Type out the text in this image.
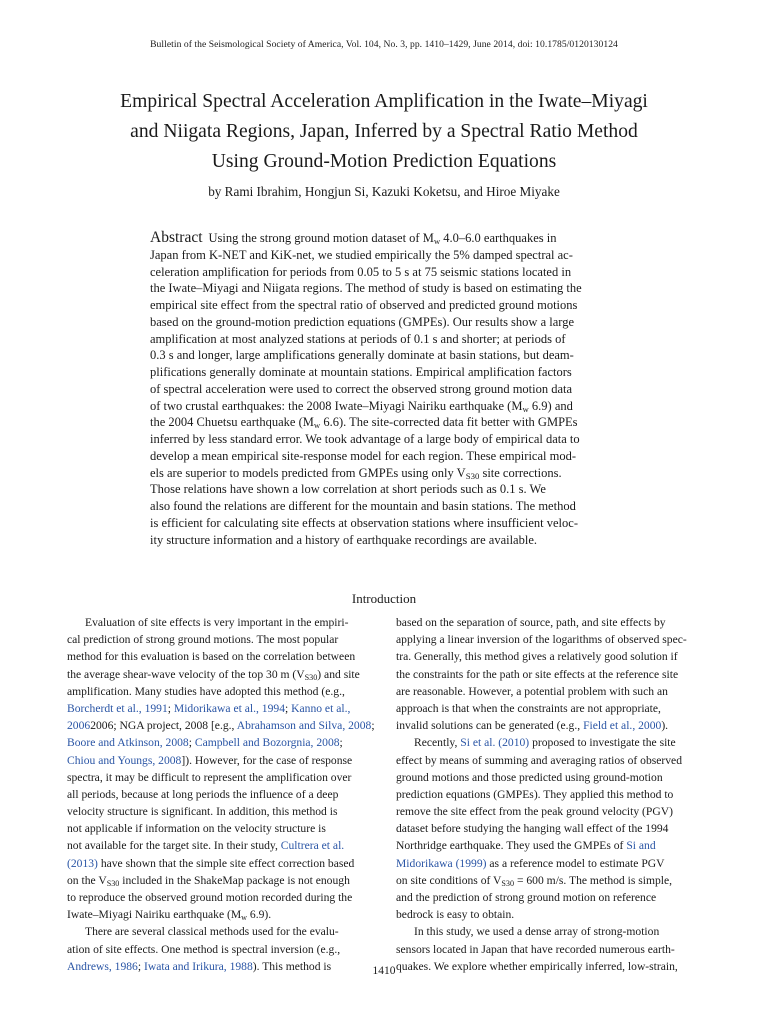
Bulletin of the Seismological Society of America, Vol. 104, No. 3, pp. 1410–1429, June 2014, doi: 10.1785/0120130124
Empirical Spectral Acceleration Amplification in the Iwate–Miyagi
and Niigata Regions, Japan, Inferred by a Spectral Ratio Method
Using Ground-Motion Prediction Equations
by Rami Ibrahim, Hongjun Si, Kazuki Koketsu, and Hiroe Miyake
Abstract Using the strong ground motion dataset of $M_w$ 4.0–6.0 earthquakes in
Japan from K-NET and KiK-net, we studied empirically the 5% damped spectral ac-
celeration amplification for periods from 0.05 to 5 s at 75 seismic stations located in
the Iwate–Miyagi and Niigata regions. The method of study is based on estimating the
empirical site effect from the spectral ratio of observed and predicted ground motions
based on the ground-motion prediction equations (GMPEs). Our results show a large
amplification at most analyzed stations at periods of 0.1 s and shorter; at periods of
0.3 s and longer, large amplifications generally dominate at basin stations, but deam-
plifications generally dominate at mountain stations. Empirical amplification factors
of spectral acceleration were used to correct the observed strong ground motion data
of two crustal earthquakes: the 2008 Iwate–Miyagi Nairiku earthquake ($M_w$ 6.9) and
the 2004 Chuetsu earthquake ($M_w$ 6.6). The site-corrected data fit better with GMPEs
inferred by less standard error. We took advantage of a large body of empirical data to
develop a mean empirical site-response model for each region. These empirical mod-
els are superior to models predicted from GMPEs using only $V_{S30}$ site corrections.
Those relations have shown a low correlation at short periods such as 0.1 s. We
also found the relations are different for the mountain and basin stations. The method
is efficient for calculating site effects at observation stations where insufficient veloc-
ity structure information and a history of earthquake recordings are available.
Introduction
Evaluation of site effects is very important in the empiri-
cal prediction of strong ground motions. The most popular
method for this evaluation is based on the correlation between
the average shear-wave velocity of the top 30 m $(V_{S30})$ and site
amplification. Many studies have adopted this method (e.g.,
Borcherdt et al., 1991; Midorikawa et al., 1994; Kanno et al.,
20062006; NGA project, 2008 [e.g., Abrahamson and Silva, 2008;
Boore and Atkinson, 2008; Campbell and Bozorgnia, 2008;
Chiou and Youngs, 2008]). However, for the case of response
spectra, it may be difficult to represent the amplification over
all periods, because at long periods the influence of a deep
velocity structure is significant. In addition, this method is
not applicable if information on the velocity structure is
not available for the target site. In their study, Cultrera et al.
(2013) have shown that the simple site effect correction based
on the $V_{S30}$ included in the ShakeMap package is not enough
to reproduce the observed ground motion recorded during the
Iwate–Miyagi Nairiku earthquake ($M_w$ 6.9).
There are several classical methods used for the evalu-
ation of site effects. One method is spectral inversion (e.g.,
Andrews, 1986; Iwata and Irikura, 1988). This method is
based on the separation of source, path, and site effects by
applying a linear inversion of the logarithms of observed spec-
tra. Generally, this method gives a relatively good solution if
the constraints for the path or site effects at the reference site
are reasonable. However, a potential problem with such an
approach is that when the constraints are not appropriate,
invalid solutions can be generated (e.g., Field et al., 2000).
Recently, Si et al. (2010) proposed to investigate the site
effect by means of summing and averaging ratios of observed
ground motions and those predicted using ground-motion
prediction equations (GMPEs). They applied this method to
remove the site effect from the peak ground velocity (PGV)
dataset before studying the hanging wall effect of the 1994
Northridge earthquake. They used the GMPEs of Si and
Midorikawa (1999) as a reference model to estimate PGV
on site conditions of $V_{S30} = 600$ m/s. The method is simple,
and the prediction of strong ground motion on reference
bedrock is easy to obtain.
In this study, we used a dense array of strong-motion
sensors located in Japan that have recorded numerous earth-
quakes. We explore whether empirically inferred, low-strain,
1410
